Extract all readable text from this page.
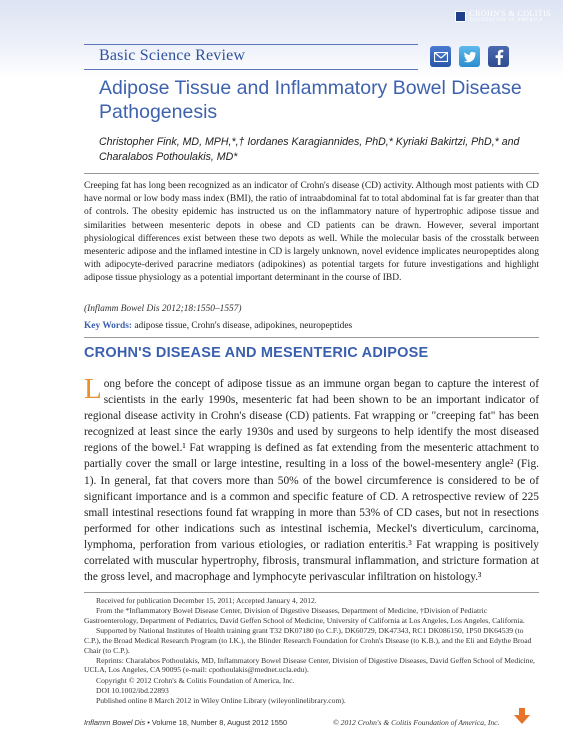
CROHN'S & COLITIS
FOUNDATION OF AMERICA
Basic Science Review
Adipose Tissue and Inflammatory Bowel Disease Pathogenesis
Christopher Fink, MD, MPH,*,† Iordanes Karagiannides, PhD,* Kyriaki Bakirtzi, PhD,* and Charalabos Pothoulakis, MD*

Creeping fat has long been recognized as an indicator of Crohn's disease (CD) activity. Although most patients with CD have normal or low body mass index (BMI), the ratio of intraabdominal fat to total abdominal fat is far greater than that of controls. The obesity epidemic has instructed us on the inflammatory nature of hypertrophic adipose tissue and similarities between mesenteric depots in obese and CD patients can be drawn. However, several important physiological differences exist between these two depots as well. While the molecular basis of the crosstalk between mesenteric adipose and the inflamed intestine in CD is largely unknown, novel evidence implicates neuropeptides along with adipocyte-derived paracrine mediators (adipokines) as potential targets for future investigations and highlight adipose tissue physiology as a potential important determinant in the course of IBD.

(Inflamm Bowel Dis 2012;18:1550–1557)

Key Words: adipose tissue, Crohn's disease, adipokines, neuropeptides

CROHN'S DISEASE AND MESENTERIC ADIPOSE

Long before the concept of adipose tissue as an immune organ began to capture the interest of scientists in the early 1990s, mesenteric fat had been shown to be an important indicator of regional disease activity in Crohn's disease (CD) patients. Fat wrapping or "creeping fat" has been recognized at least since the early 1930s and used by surgeons to help identify the most diseased regions of the bowel.¹ Fat wrapping is defined as fat extending from the mesenteric attachment to partially cover the small or large intestine, resulting in a loss of the bowel-mesentery angle² (Fig. 1). In general, fat that covers more than 50% of the bowel circumference is considered to be of significant importance and is a common and specific feature of CD. A retrospective review of 225 small intestinal resections found fat wrapping in more than 53% of CD cases, but not in resections performed for other indications such as intestinal ischemia, Meckel's diverticulum, carcinoma, lymphoma, perforation from various etiologies, or radiation enteritis.³ Fat wrapping is positively correlated with muscular hypertrophy, fibrosis, transmural inflammation, and stricture formation at the gross level, and macrophage and lymphocyte perivascular infiltration on histology.³

Received for publication December 15, 2011; Accepted January 4, 2012.

From the *Inflammatory Bowel Disease Center, Division of Digestive Diseases, Department of Medicine, †Division of Pediatric Gastroenterology, Department of Pediatrics, David Geffen School of Medicine, University of California at Los Angeles, Los Angeles, California.

Supported by National Institutes of Health training grant T32 DK07180 (to C.F.), DK60729, DK47343, RC1 DK086150, 1P50 DK64539 (to C.P.), the Broad Medical Research Program (to I.K.), the Blinder Research Foundation for Crohn's Disease (to K.B.), and the Eli and Edythe Broad Chair (to C.P.).

Reprints: Charalabos Pothoulakis, MD, Inflammatory Bowel Disease Center, Division of Digestive Diseases, David Geffen School of Medicine, UCLA, Los Angeles, CA 90095 (e-mail: cpothoulakis@mednet.ucla.edu).

Copyright © 2012 Crohn's & Colitis Foundation of America, Inc.

DOI 10.1002/ibd.22893

Published online 8 March 2012 in Wiley Online Library (wileyonlinelibrary.com).

Inflamm Bowel Dis • Volume 18, Number 8, August 2012 1550	© 2012 Crohn's & Colitis Foundation of America, Inc.
